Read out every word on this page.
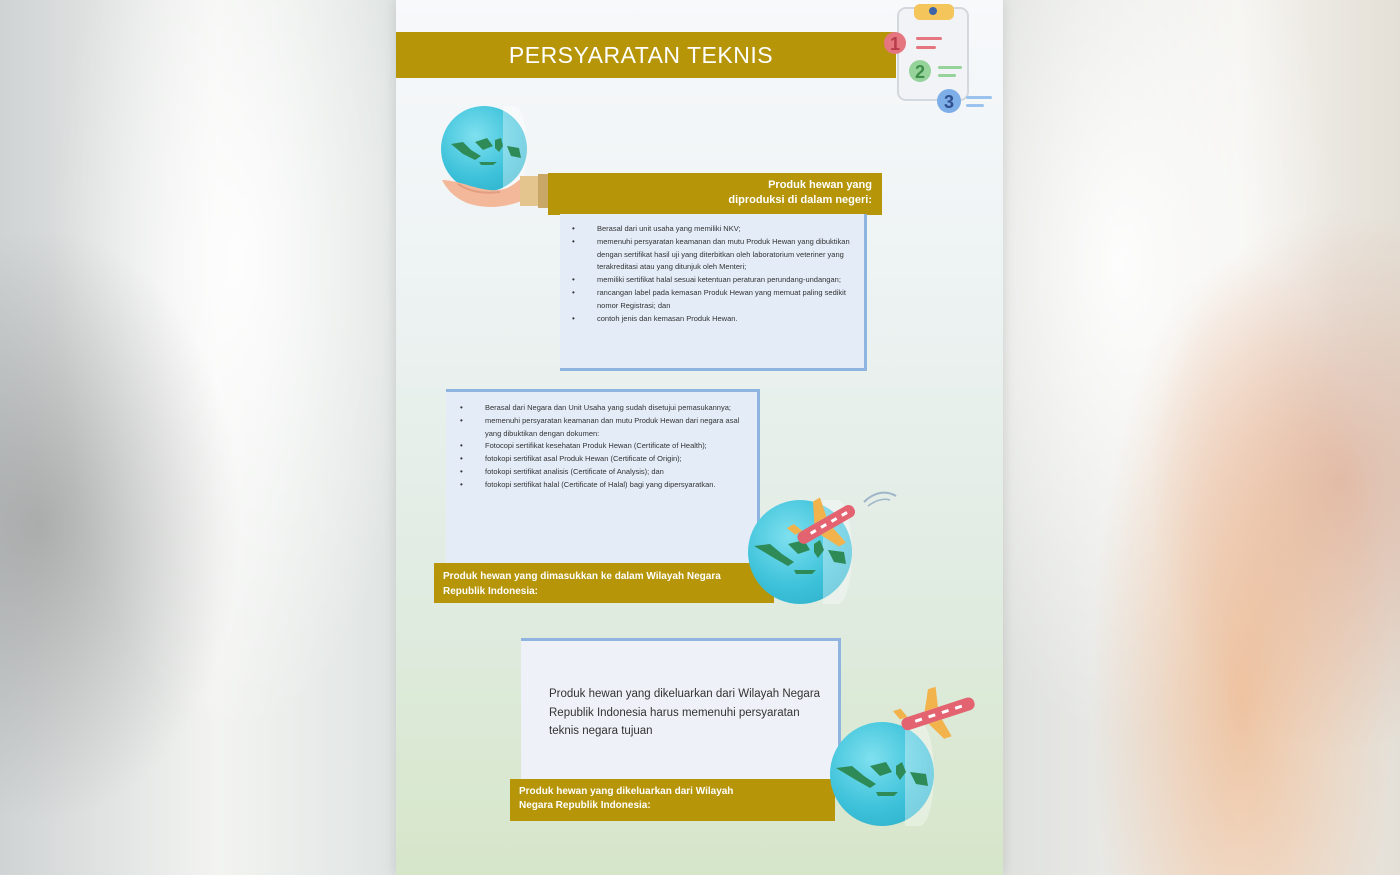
PERSYARATAN TEKNIS	1
2
3
Produk hewan yang
diproduksi di dalam negeri:
• Berasal dari unit usaha yang memiliki NKV;
• memenuhi persyaratan keamanan dan mutu Produk Hewan yang dibuktikan dengan sertifikat hasil uji yang diterbitkan oleh laboratorium veteriner yang terakreditasi atau yang ditunjuk oleh Menteri;
• memiliki sertifikat halal sesuai ketentuan peraturan perundang-undangan;
• rancangan label pada kemasan Produk Hewan yang memuat paling sedikit nomor Registrasi; dan
• contoh jenis dan kemasan Produk Hewan.
• Berasal dari Negara dan Unit Usaha yang sudah disetujui pemasukannya;
• memenuhi persyaratan keamanan dan mutu Produk Hewan dari negara asal yang dibuktikan dengan dokumen:
• Fotocopi sertifikat kesehatan Produk Hewan (Certificate of Health);
• fotokopi sertifikat asal Produk Hewan (Certificate of Origin);
• fotokopi sertifikat analisis (Certificate of Analysis); dan
• fotokopi sertifikat halal (Certificate of Halal) bagi yang dipersyaratkan.
Produk hewan yang dimasukkan ke dalam Wilayah Negara
Republik Indonesia:
Produk hewan yang dikeluarkan dari Wilayah Negara Republik Indonesia harus memenuhi persyaratan teknis negara tujuan
Produk hewan yang dikeluarkan dari Wilayah
Negara Republik Indonesia:
